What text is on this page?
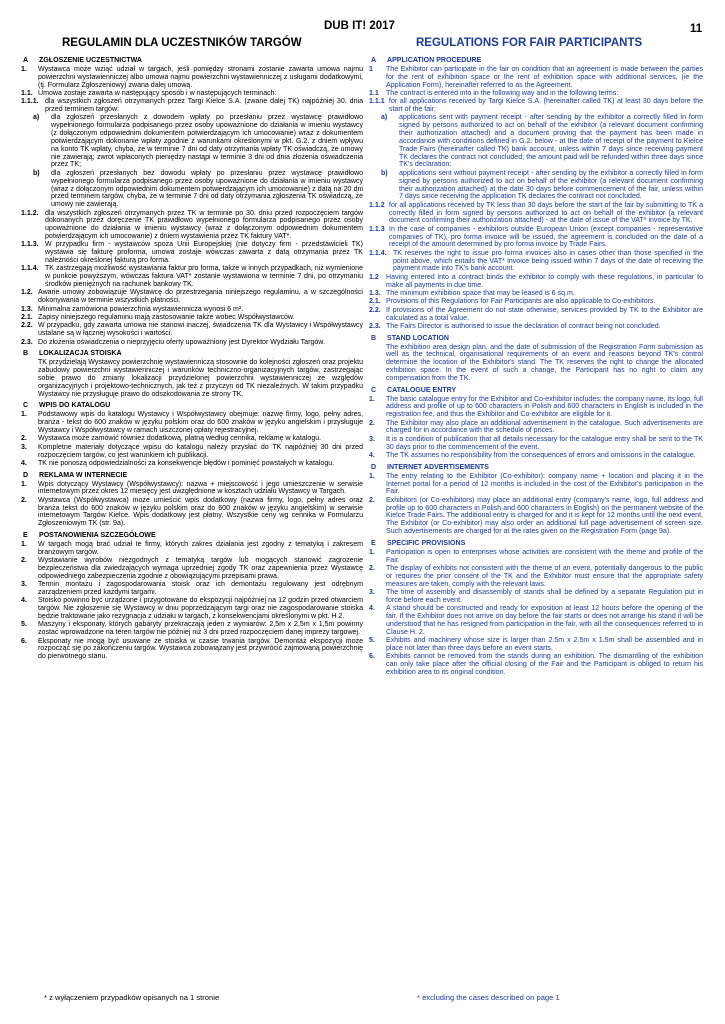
DUB IT! 2017	11
REGULAMIN DLA UCZESTNIKÓW TARGÓW	REGULATIONS FOR FAIR PARTICIPANTS
A	ZGŁOSZENIE UCZESTNICTWA
1.	Wystawca może wziąć udział w targach, jeśli pomiędzy stronami zostanie zawarta umowa najmu powierzchni wystawienniczej albo umowa najmu powierzchni wystawienniczej z usługami dodatkowymi, (tj. Formularz Zgłoszeniowy) zwana dalej umową.
1.1. Umowa zostaje zawarta w następujący sposób i w następujących terminach:
1.1.1. dla wszystkich zgłoszeń otrzymanych przez Targi Kielce S.A. (zwane dalej TK) najpóźniej 30. dnia przed terminem targów:
a)	dla zgłoszeń przesłanych z dowodem wpłaty po przesłaniu przez wystawcę prawidłowo wypełnionego formularza podpisanego przez osoby upoważnione do działania w imieniu wystawcy (z dołączonym odpowiednim dokumentem potwierdzającym ich umocowanie) wraz z dokumentem potwierdzającym dokonanie wpłaty zgodnie z warunkami określonymi w pkt. G.2. z dniem wpływu na konto TK wpłaty, chyba, że w terminie 7 dni od daty otrzymania wpłaty TK oświadczą, że umowy nie zawierają; zwrot wpłaconych pieniędzy nastąpi w terminie 3 dni od dnia złożenia oświadczenia przez TK;
b)	dla zgłoszeń przesłanych bez dowodu wpłaty po przesłaniu przez wystawcę prawidłowo wypełnionego formularza podpisanego przez osoby upoważnione do działania w imieniu wystawcy (wraz z dołączonym odpowiednim dokumentem potwierdzającym ich umocowanie) z datą na 20 dni przed terminem targów, chyba, że w terminie 7 dni od daty otrzymania zgłoszenia TK oświadczą, że umowy nie zawierają.
1.1.2. dla wszystkich zgłoszeń otrzymanych przez TK w terminie po 30. dniu przed rozpoczęciem targów dokonanych przez doręczenie TK prawidłowo wypełnionego formularza podpisanego przez osoby upoważnione do działania w imieniu wystawcy (wraz z dołączonym odpowiednim dokumentem potwierdzającym ich umocowanie) z dniem wystawienia przez TK faktury VAT*.
1.1.3. W przypadku firm - wystawców spoza Unii Europejskiej (nie dotyczy firm - przedstawicieli TK) wystawia się fakturę proforma, umowa zostaje wówczas zawarta z datą otrzymania przez TK należności określonej fakturą pro forma.
1.1.4. TK zastrzegają możliwość wystawiania faktur pro forma, także w innych przypadkach, niż wymienione w punkcie powyższym, wówczas faktura VAT* zostanie wystawiona w terminie 7 dni, po otrzymaniu środków pieniężnych na rachunek bankowy TK.
1.2. Awarie umowy zobowiązuje Wystawcę do przestrzegania niniejszego regulaminu, a w szczególności dokonywania w terminie wszystkich płatności.
1.3. Minimalna zamówiona powierzchnia wystawiennicza wynosi 6 m².
2.1. Zapisy niniejszego regulaminu mają zastosowanie także wobec Współwystawców.
2.2. W przypadku, gdy zawarta umowa nie stanowi inaczej, świadczenia TK dla Wystawcy i Współwystawcy ustalane są w łącznej wysokości i wartości.
2.3. Do złożenia oświadczenia o nieprzyjęciu oferty upoważniony jest Dyrektor Wydziału Targów.
B	LOKALIZACJA STOISKA
TK przydzielają Wystawcy powierzchnię wystawienniczą stosownie do kolejności zgłoszeń oraz projektu zabudowy powierzchni wystawienniczej i warunków techniczno-organizacyjnych targów, zastrzegając sobie prawo do zmiany lokalizacji przydzielonej powierzchni wystawienniczej ze względów organizacyjnych i projektowo-technicznych, jak też z przyczyn od TK niezależnych. W takim przypadku Wystawcy nie przysługuje prawo do odszkodowania ze strony TK.
C	WPIS DO KATALOGU
1.	Podstawowy wpis do katalogu Wystawcy i Współwystawcy obejmuje: nazwę firmy, logo, pełny adres, branża - tekst do 600 znaków w języku polskim oraz do 600 znaków w języku angielskim i przysługuje Wystawcy i Współwystawcy w ramach uiszczonej opłaty rejestracyjnej.
2.	Wystawca może zamówić również dodatkową, płatną według cennika, reklamę w katalogu.
3.	Kompletne materiały dotyczące wpisu do katalogu należy przysłać do TK najpóźniej 30 dni przed rozpoczęciem targów, co jest warunkiem ich publikacji.
4.	TK nie ponoszą odpowiedzialności za konsekwencje błędów i pominięć powstałych w katalogu.
D	REKLAMA W INTERNECIE
1.	Wpis dotyczący Wystawcy (Współwystawcy): nazwa + miejscowość i jego umieszczenie w serwisie internetowym przez okres 12 miesięcy jest uwzględnione w kosztach udziału Wystawcy w Targach.
2.	Wystawca (Współwystawca) może umieścić wpis dodatkowy (nazwa firmy, logo, pełny adres oraz branża tekst do 600 znaków w języku polskim oraz do 600 znaków w języku angielskim) w serwisie internetowym Targów Kielce. Wpis dodatkowy jest płatny. Wszystkie ceny wg cennika w Formularzu Zgłoszeniowym TK (str. 9a).
E	POSTANOWIENIA SZCZEGÓŁOWE
1.	W targach mogą brać udział te firmy, których zakres działania jest zgodny z tematyką i zakresem branżowym targów.
2.	Wystawianie wyrobów niezgodnych z tematyką targów lub mogących stanowić zagrożenie bezpieczeństwa dla zwiedzających wymaga uprzedniej zgody TK oraz zapewnienia przez Wystawcę odpowiedniego zabezpieczenia zgodnie z obowiązującymi przepisami prawa.
3.	Termin montażu i zagospodarowania stoisk oraz ich demontażu regulowany jest odrębnym zarządzeniem przed każdymi targami.
4.	Stoisko powinno być urządzone i przygotowane do ekspozycji najpóźniej na 12 godzin przed otwarciem targów. Nie zgłoszenie się Wystawcy w dniu poprzedzającym targi oraz nie zagospodarowanie stoiska będzie traktowane jako rezygnacja z udziału w targach, z konsekwencjami określonymi w pkt. H 2.
5.	Maszyny i eksponaty, których gabaryty przekraczają jeden z wymiarów: 2,5m x 2,5m x 1,5m powinny zostać wprowadzone na teren targów nie później niż 3 dni przed rozpoczęciem danej imprezy targowej.
6.	Eksponaty nie mogą być usuwane ze stoiska w czasie trwania targów. Demontaż ekspozycji może rozpocząć się po zakończeniu targów. Wystawca zobowiązany jest przywrócić zajmowaną powierzchnię do pierwotnego stanu.
A	APPLICATION PROCEDURE
1	The Exhibitor can participate in the fair on condition that an agreement is made between the parties for the rent of exhibition space or the rent of exhibition space with additional services, (ie the Application Form), hereinafter referred to as the Agreement.
1.1	The contract is entered into in the following way and in the following terms:
1.1.1 for all applications received by Targi Kielce S.A. (hereinafter called TK) at least 30 days before the start of the fair:
a)	applications sent with payment receipt - after sending by the exhibitor a correctly filled in form signed by persons authorized to act on behalf of the exhibitor (a relevant document confirming their authorization attached) and a document proving that the payment has been made in accordance with conditions defined in G.2. below - at the date of receipt of the payment to Kielce Trade Fairs (hereinafter called TK) bank account, unless within 7 days since receiving payment TK declares the contract not concluded; the amount paid will be refunded within three days since TK's declaration;
b)	applications sent without payment receipt - after sending by the exhibitor a correctly filled in form signed by persons authorized to act on behalf of the exhibitor (a relevant document confirming their authorization attached) at the date 30 days before commencement of the fair, unless within 7 days since receiving the application TK declares the contract not concluded.
1.1.2 for all applications received by TK less than 30 days before the start of the fair by submitting to TK a correctly filled in form signed by persons authorized to act on behalf of the exhibitor (a relevant document confirming their authorization attached) - at the date of issue of the VAT* invoice by TK.
1.1.3 In the case of companies - exhibitors outside European Union (except companies - representative companies of TK), pro forma invoice will be issued, the agreement is concluded on the date of a receipt of the amount determined by pro forma invoice by Trade Fairs.
1.1.4. TK reserves the right to issue pro forma invoices also in cases other than those specified in the point above, which entails the VAT* invoice being issued within 7 days of the date of receiving the payment made into TK's bank account.
1.2	Having entered into a contract binds the exhibitor to comply with these regulations, in particular to make all payments in due time.
1.3. The minimum exhibition space that may be leased is 6 sq.m.
2.1. Provisions of this Regulations for Fair Participants are also applicable to Co-exhibitors.
2.2. If provisions of the Agreement do not state otherwise, services provided by TK to the Exhibitor are calculated as a total value.
2.3. The Fairs Director is authorised to issue the declaration of contract being not concluded.
B	STAND LOCATION
The exhibition area design plan, and the date of submission of the Registration Form submission as well as the technical, organisational requirements of an event and reasons beyond TK's control determine the location of the Exhibitor's stand. The TK reserves the right to change the allocated exhibition space. In the event of such a change, the Participant has no right to claim any compensation from the TK.
C	CATALOGUE ENTRY
1.	The basic catalogue entry for the Exhibitor and Co-exhibitor includes: the company name, its logo, full address and profile of up to 600 characters in Polish and 600 characters in English is included in the registration fee, and thus the Exhibitor and Co-exhibitor are eligible for it.
2.	The Exhibitor may also place an additional advertisement in the catalogue. Such advertisements are charged for in accordance with the schedule of prices.
3.	It is a condition of publication that all details necessary for the catalogue entry shall be sent to the TK 30 days prior to the commencement of the event.
4.	The TK assumes no responsibility from the consequences of errors and omissions in the catalogue.
D	INTERNET ADVERTISEMENTS
1.	The entry relating to the Exhibitor (Co-exhibitor): company name + location and placing it in the Internet portal for a period of 12 months is included in the cost of the Exhibitor's participation in the Fair.
2.	Exhibitors (or Co-exhibitors) may place an additional entry (company's name, logo, full address and profile up to 600 characters in Polish and 600 characters in English) on the permanent website of the Kielce Trade Fairs. The additional entry is charged for and it is kept for 12 months until the next event. The Exhibitor (or Co-exhibitor) may also order an additional full page advertisement of screen size. Such advertisements are charged for at the rates given on the Registration Form (page 9a).
E	SPECIFIC PROVISIONS
1.	Participation is open to enterprises whose activities are consistent with the theme and profile of the Fair.
2.	The display of exhibits not consistent with the theme of an event, potentially dangerous to the public or requires the prior consent of the TK and the Exhibitor must ensure that the appropriate safety measures are taken, comply with the relevant laws.
3.	The time of assembly and disassembly of stands shall be defined by a separate Regulation put in force before each event.
4.	A stand should be constructed and ready for exposition at least 12 hours before the opening of the fair. If the Exhibitor does not arrive on day before the fair starts or does not arrange his stand it will be understood that he has resigned from participation in the fair, with all the consequences referred to in Clause H. 2.
5.	Exhibits and machinery whose size is larger than 2.5m x 2.5m x 1.5m shall be assembled and in place not later than three days before an event starts.
6.	Exhibits cannot be removed from the stands during an exhibition. The dismantling of the exhibition can only take place after the official closing of the Fair and the Participant is obliged to return his exhibition area to its original condition.
* z wyłączeniem przypadków opisanych na 1 stronie	* excluding the cases described on page 1
